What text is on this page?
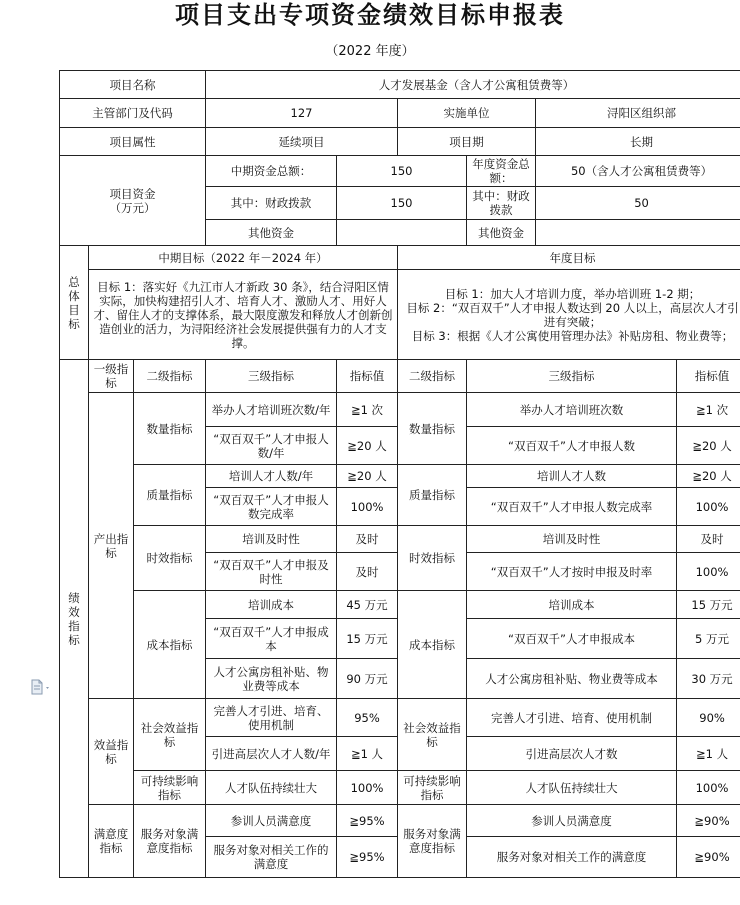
项目支出专项资金绩效目标申报表
（2022 年度）
项目名称			人才发展基金（含人才公寓租赁费等）					
主管部门及代码			127		实施单位		浔阳区组织部	
项目属性			延续项目		项目期		长期	
项目资金
（万元）			中期资金总额：	150		年度资金总额：	50（含人才公寓租赁费等）	
			其中：财政拨款	150		其中：财政拨款	50	
			其他资金			其他资金		
总体目标	中期目标（2022 年－2024 年）				年度目标			
	目标 1：落实好《九江市人才新政 30 条》，结合浔阳区情实际，加快构建招引人才、培育人才、激励人才、用好人才、留住人才的支撑体系，最大限度激发和释放人才创新创造创业的活力，为浔阳经济社会发展提供强有力的人才支撑。				目标 1：加大人才培训力度，举办培训班 1-2 期；
目标 2：“双百双千”人才申报人数达到 20 人以上，高层次人才引进有突破；
目标 3：根据《人才公寓使用管理办法》补贴房租、物业费等；			
绩效指标	一级指标	二级指标	三级指标	指标值	二级指标	三级指标		指标值
	产出指标	数量指标	举办人才培训班次数/年	≧1 次	数量指标	举办人才培训班次数		≧1 次
			“双百双千”人才申报人数/年	≧20 人		“双百双千”人才申报人数		≧20 人
		质量指标	培训人才人数/年	≧20 人	质量指标	培训人才人数		≧20 人
			“双百双千”人才申报人数完成率	100%		“双百双千”人才申报人数完成率		100%
		时效指标	培训及时性	及时	时效指标	培训及时性		及时
			“双百双千”人才申报及时性	及时		“双百双千”人才按时申报及时率		100%
		成本指标	培训成本	45 万元	成本指标	培训成本		15 万元
			“双百双千”人才申报成本	15 万元		“双百双千”人才申报成本		5 万元
			人才公寓房租补贴、物业费等成本	90 万元		人才公寓房租补贴、物业费等成本		30 万元
	效益指标	社会效益指标	完善人才引进、培育、使用机制	95%	社会效益指标	完善人才引进、培育、使用机制		90%
			引进高层次人才人数/年	≧1 人		引进高层次人才数		≧1 人
		可持续影响指标	人才队伍持续壮大	100%	可持续影响指标	人才队伍持续壮大		100%
	满意度指标	服务对象满意度指标	参训人员满意度	≧95%	服务对象满意度指标	参训人员满意度		≧90%
			服务对象对相关工作的满意度	≧95%		服务对象对相关工作的满意度		≧90%
